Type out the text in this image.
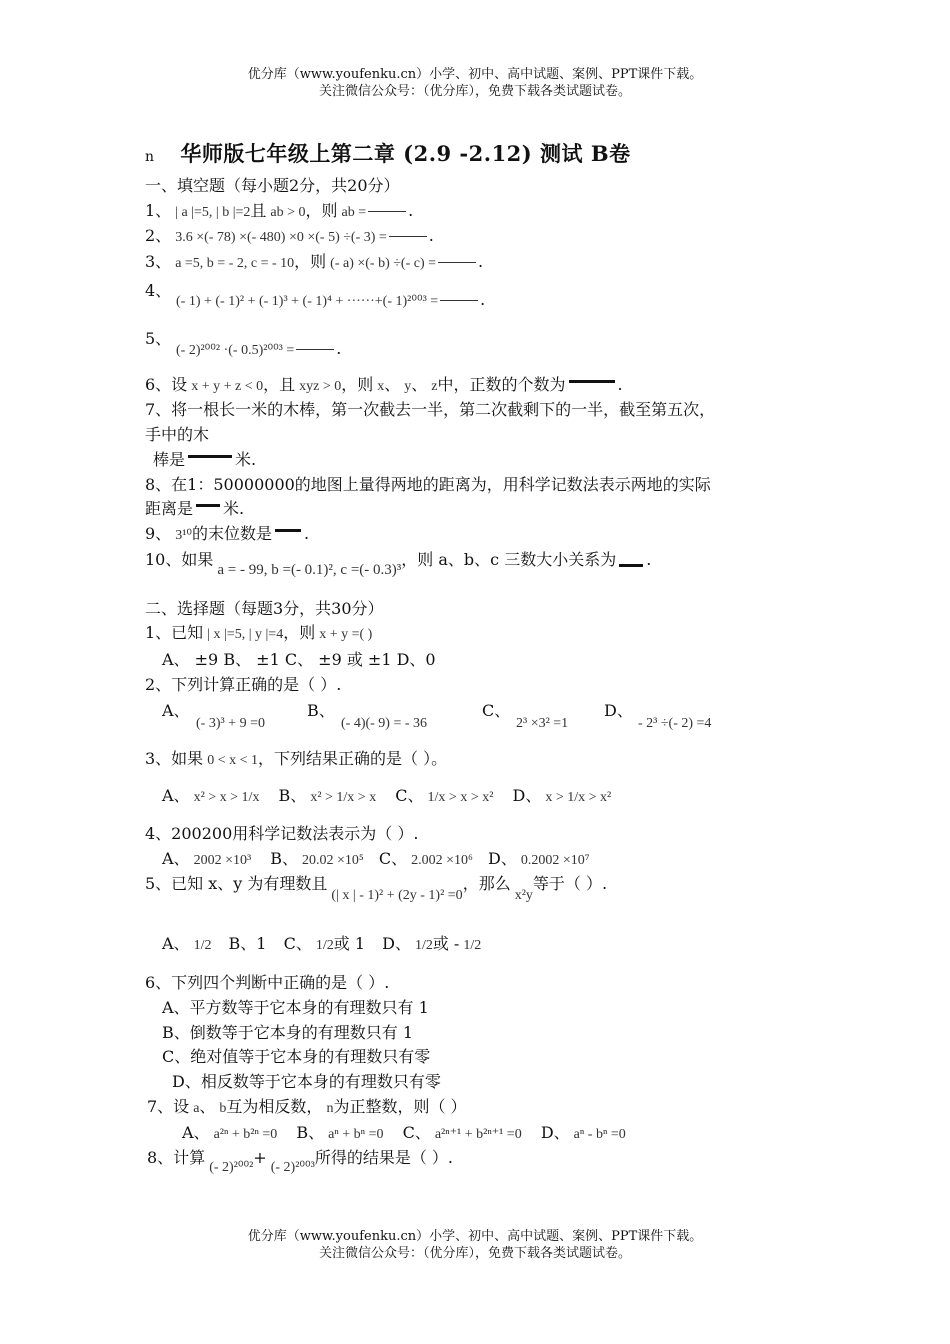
优分库（www.youfenku.cn）小学、初中、高中试题、案例、PPT课件下载。
关注微信公众号：（优分库），免费下载各类试题试卷。
n 华师版七年级上第二章 (2.9 -2.12) 测试 B卷
一、填空题（每小题2分，共20分）
1、 | a |=5, | b |=2且 ab > 0，则 ab =	.
2、 3.6 ×(- 78) ×(- 480) ×0 ×(- 5) ÷(- 3) =	.
3、 a =5, b = - 2, c = - 10，则 (- a) ×(- b) ÷(- c) =	.
4、
(- 1) + (- 1)² + (- 1)³ + (- 1)⁴ + ······+(- 1)²⁰⁰³ =	.
5、
(- 2)²⁰⁰² ·(- 0.5)²⁰⁰³ =	.
6、设 x + y + z < 0，且 xyz > 0，则 x、 y、 z中，正数的个数为	.
7、将一根长一米的木棒，第一次截去一半，第二次截剩下的一半，截至第五次，
手中的木
棒是	米.
8、在1：50000000的地图上量得两地的距离为，用科学记数法表示两地的实际
距离是 米.
9、 3¹⁰的末位数是 .
10、如果a = - 99, b =(- 0.1)², c =(- 0.3)³，则 a、b、c 三数大小关系为 .
二、选择题（每题3分，共30分）
1、已知 | x |=5, | y |=4，则 x + y =( )
A、 ±9 B、 ±1 C、 ±9 或 ±1 D、0
2、下列计算正确的是（ ）.
A、
(- 3)³ + 9 =0
B、
(- 4)(- 9) = - 36
C、
2³ ×3² =1
D、
- 2³ ÷(- 2) =4
3、如果 0 < x < 1，下列结果正确的是（ ）。
A、 x² > x > 1/x B、 x² > 1/x > x C、 1/x > x > x² D、 x > 1/x > x²
4、200200用科学记数法表示为（ ）.
A、 2002 ×10³ B、 20.02 ×10⁵ C、 2.002 ×10⁶ D、 0.2002 ×10⁷
5、已知 x、y 为有理数且(| x | - 1)² + (2y - 1)² =0，那么x²y等于（ ）.
A、 1/2 B、1 C、 1/2或 1 D、 1/2或 - 1/2
6、下列四个判断中正确的是（ ）.
A、平方数等于它本身的有理数只有 1
B、倒数等于它本身的有理数只有 1
C、绝对值等于它本身的有理数只有零
D、相反数等于它本身的有理数只有零
7、设 a、 b互为相反数， n为正整数，则（ ）
A、 a²ⁿ + b²ⁿ =0 B、 aⁿ + bⁿ =0 C、 a²ⁿ⁺¹ + b²ⁿ⁺¹ =0 D、 aⁿ - bⁿ =0
8、计算(- 2)²⁰⁰²+(- 2)²⁰⁰³所得的结果是（ ）.
优分库（www.youfenku.cn）小学、初中、高中试题、案例、PPT课件下载。
关注微信公众号：（优分库），免费下载各类试题试卷。
